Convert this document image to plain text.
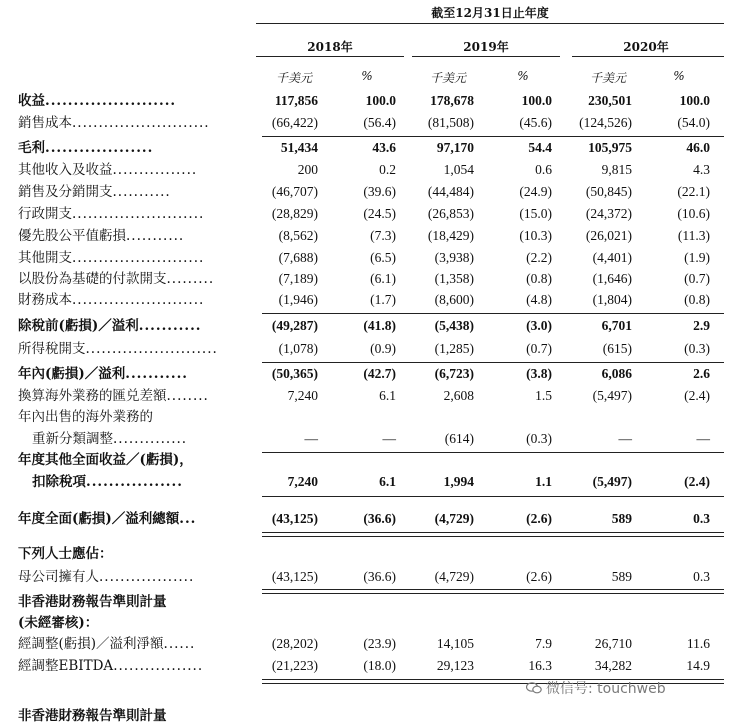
截至12月31日止年度
2018年	2019年	2020年
千美元	%	千美元	%	千美元	%
收益.......................	117,856	100.0	178,678	100.0	230,501	100.0
銷售成本..........................	(66,422)	(56.4) (81,508)	(45.6) (124,526)	(54.0)
毛利...................	51,434	43.6	97,170	54.4	105,975	46.0
其他收入及收益................	200	0.2	1,054	0.6	9,815	4.3
銷售及分銷開支...........	(46,707)	(39.6) (44,484)	(24.9)	(50,845)	(22.1)
行政開支.........................	(28,829)	(24.5) (26,853)	(15.0)	(24,372)	(10.6)
優先股公平值虧損...........	(8,562)	(7.3) (18,429)	(10.3)	(26,021)	(11.3)
其他開支.........................	(7,688)	(6.5)	(3,938)	(2.2)	(4,401)	(1.9)
以股份為基礎的付款開支.........	(7,189)	(6.1)	(1,358)	(0.8)	(1,646)	(0.7)
財務成本.........................	(1,946)	(1.7)	(8,600)	(4.8)	(1,804)	(0.8)
除稅前(虧損)／溢利...........	(49,287)	(41.8)	(5,438)	(3.0)	6,701	2.9
所得稅開支.........................	(1,078)	(0.9)	(1,285)	(0.7)	(615)	(0.3)
年內(虧損)／溢利...........	(50,365)	(42.7)	(6,723)	(3.8)	6,086	2.6
換算海外業務的匯兑差額........	7,240	6.1	2,608	1.5	(5,497)	(2.4)
年內出售的海外業務的
重新分類調整..............	—	—	(614)	(0.3)	—	—
年度其他全面收益／(虧損)，
扣除稅項.................	7,240	6.1	1,994	1.1	(5,497)	(2.4)
年度全面(虧損)／溢利總額...	(43,125)	(36.6)	(4,729)	(2.6)	589	0.3
下列人士應佔：
母公司擁有人..................	(43,125)	(36.6)	(4,729)	(2.6)	589	0.3
非香港財務報告準則計量
(未經審核)：
經調整(虧損)／溢利淨額......	(28,202)	(23.9)	14,105	7.9	26,710	11.6
經調整EBITDA.................	(21,223)	(18.0)	29,123	16.3	34,282	14.9
非香港財務報告準則計量
微信号: touchweb
